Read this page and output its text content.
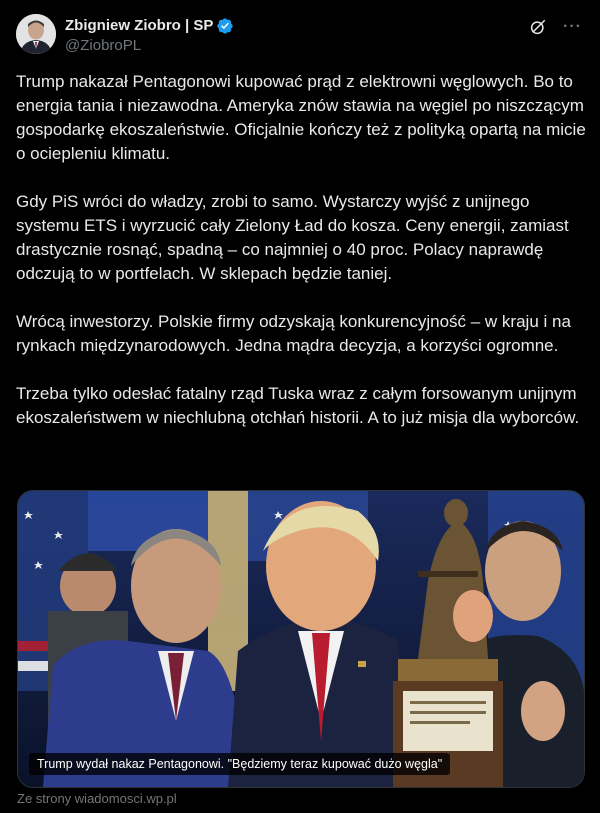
Zbigniew Ziobro | SP
@ZiobroPL
···

Trump nakazał Pentagonowi kupować prąd z elektrowni węglowych. Bo to energia tania i niezawodna. Ameryka znów stawia na węgiel po niszczącym gospodarkę ekoszaleństwie. Oficjalnie kończy też z polityką opartą na micie o ociepleniu klimatu.

Gdy PiS wróci do władzy, zrobi to samo. Wystarczy wyjść z unijnego systemu ETS i wyrzucić cały Zielony Ład do kosza. Ceny energii, zamiast drastycznie rosnąć, spadną – co najmniej o 40 proc. Polacy naprawdę odczują to w portfelach. W sklepach będzie taniej.

Wrócą inwestorzy. Polskie firmy odzyskają konkurencyjność – w kraju i na rynkach międzynarodowych. Jedna mądra decyzja, a korzyści ogromne.

Trzeba tylko odesłać fatalny rząd Tuska wraz z całym forsowanym unijnym ekoszaleństwem w niechlubną otchłań historii. A to już misja dla wyborców.

Trump wydał nakaz Pentagonowi. "Będziemy teraz kupować dużo węgla"
Ze strony wiadomosci.wp.pl
